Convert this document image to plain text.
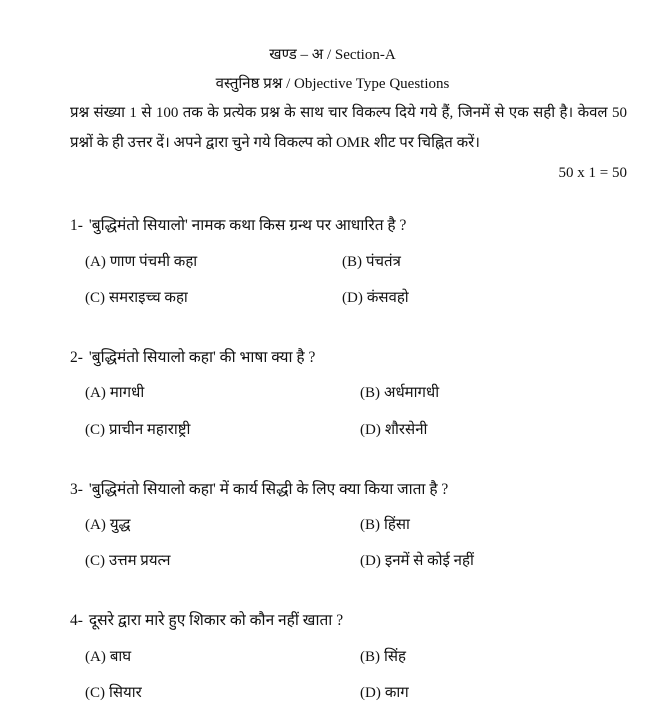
खण्ड – अ / Section-A
वस्तुनिष्ठ प्रश्न / Objective Type Questions
प्रश्न संख्या 1 से 100 तक के प्रत्येक प्रश्न के साथ चार विकल्प दिये गये हैं, जिनमें से एक सही है। केवल 50 प्रश्नों के ही उत्तर दें। अपने द्वारा चुने गये विकल्प को OMR शीट पर चिह्नित करें।
50 x 1 = 50
1- 'बुद्धिमंतो सियालो' नामक कथा किस ग्रन्थ पर आधारित है ?
(A) णाण पंचमी कहा	(B) पंचतंत्र
(C) समराइच्च कहा	(D) कंसवहो
2- 'बुद्धिमंतो सियालो कहा' की भाषा क्या है ?
(A) मागधी	(B) अर्धमागधी
(C) प्राचीन महाराष्ट्री	(D) शौरसेनी
3- 'बुद्धिमंतो सियालो कहा' में कार्य सिद्धी के लिए क्या किया जाता है ?
(A) युद्ध	(B) हिंसा
(C) उत्तम प्रयत्न	(D) इनमें से कोई नहीं
4- दूसरे द्वारा मारे हुए शिकार को कौन नहीं खाता ?
(A) बाघ	(B) सिंह
(C) सियार	(D) काग
